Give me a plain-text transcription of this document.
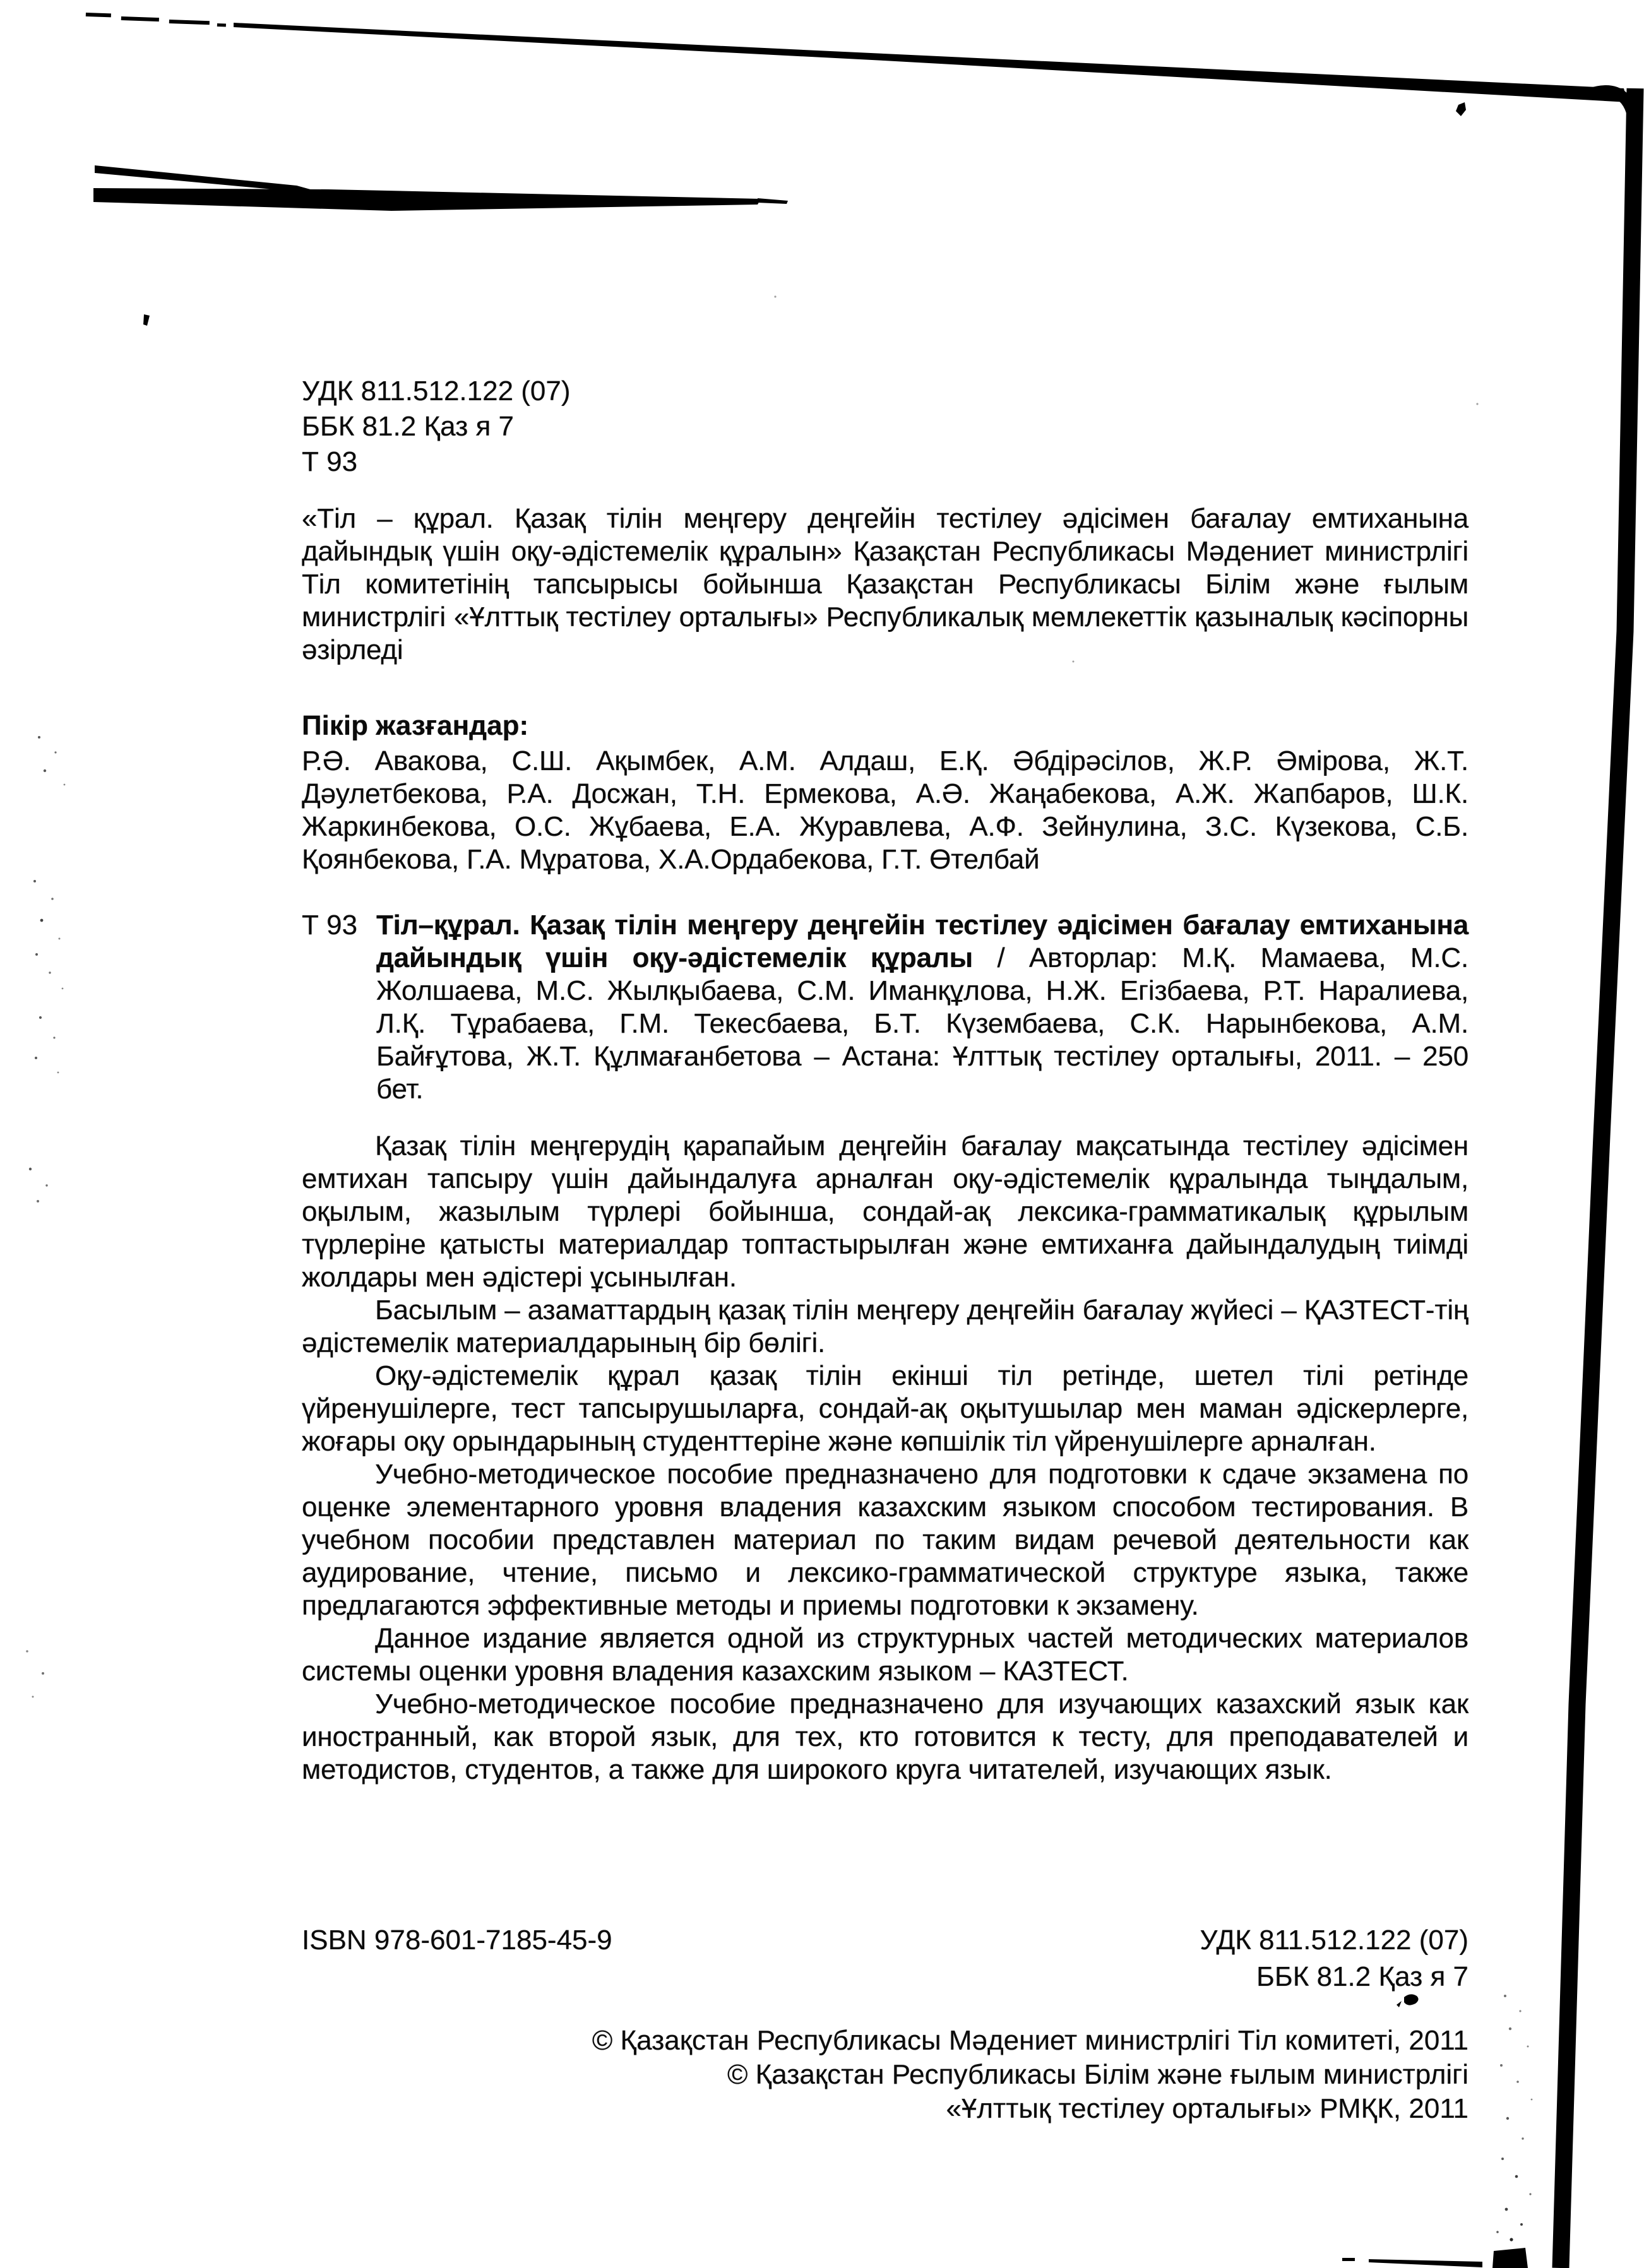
УДК 811.512.122 (07)
ББК 81.2 Қаз я 7
Т 93

«Тіл – құрал. Қазақ тілін меңгеру деңгейін тестілеу әдісімен бағалау емтиханына дайындық үшін оқу-әдістемелік құралын» Қазақстан Республикасы Мәдениет министрлігі Тіл комитетінің тапсырысы бойынша Қазақстан Республикасы Білім және ғылым министрлігі «Ұлттық тестілеу орталығы» Республикалық мемлекеттік қазыналық кәсіпорны әзірледі

Пікір жазғандар:

Р.Ә. Авакова, С.Ш. Ақымбек, А.М. Алдаш, Е.Қ. Әбдірәсілов, Ж.Р. Әмірова, Ж.Т. Дәулетбекова, Р.А. Досжан, Т.Н. Ермекова, А.Ә. Жаңабекова, А.Ж. Жапбаров, Ш.К. Жаркинбекова, О.С. Жұбаева, Е.А. Журавлева, А.Ф. Зейнулина, З.С. Күзекова, С.Б. Қоянбекова, Г.А. Мұратова, Х.А.Ордабекова, Г.Т. Өтелбай

Т 93 Тіл–құрал. Қазақ тілін меңгеру деңгейін тестілеу әдісімен бағалау емтиханына дайындық үшін оқу-әдістемелік құралы / Авторлар: М.Қ. Мамаева, М.С. Жолшаева, М.С. Жылқыбаева, С.М. Иманқұлова, Н.Ж. Егізбаева, Р.Т. Наралиева, Л.Қ. Тұрабаева, Г.М. Текесбаева, Б.Т. Күзембаева, С.К. Нарынбекова, А.М. Байғұтова, Ж.Т. Құлмағанбетова – Астана: Ұлттық тестілеу орталығы, 2011. – 250 бет.

Қазақ тілін меңгерудің қарапайым деңгейін бағалау мақсатында тестілеу әдісімен емтихан тапсыру үшін дайындалуға арналған оқу-әдістемелік құралында тыңдалым, оқылым, жазылым түрлері бойынша, сондай-ақ лексика-грамматикалық құрылым түрлеріне қатысты материалдар топтастырылған және емтиханға дайындалудың тиімді жолдары мен әдістері ұсынылған.

Басылым – азаматтардың қазақ тілін меңгеру деңгейін бағалау жүйесі – ҚАЗТЕСТ-тің әдістемелік материалдарының бір бөлігі.

Оқу-әдістемелік құрал қазақ тілін екінші тіл ретінде, шетел тілі ретінде үйренушілерге, тест тапсырушыларға, сондай-ақ оқытушылар мен маман әдіскерлерге, жоғары оқу орындарының студенттеріне және көпшілік тіл үйренушілерге арналған.

Учебно-методическое пособие предназначено для подготовки к сдаче экзамена по оценке элементарного уровня владения казахским языком способом тестирования. В учебном пособии представлен материал по таким видам речевой деятельности как аудирование, чтение, письмо и лексико-грамматической структуре языка, также предлагаются эффективные методы и приемы подготовки к экзамену.

Данное издание является одной из структурных частей методических материалов системы оценки уровня владения казахским языком – КАЗТЕСТ.

Учебно-методическое пособие предназначено для изучающих казахский язык как иностранный, как второй язык, для тех, кто готовится к тесту, для преподавателей и методистов, студентов, а также для широкого круга читателей, изучающих язык.

ISBN 978-601-7185-45-9	УДК 811.512.122 (07)
ББК 81.2 Қаз я 7
© Қазақстан Республикасы Мәдениет министрлігі Тіл комитеті, 2011
© Қазақстан Республикасы Білім және ғылым министрлігі
«Ұлттық тестілеу орталығы» РМҚК, 2011
